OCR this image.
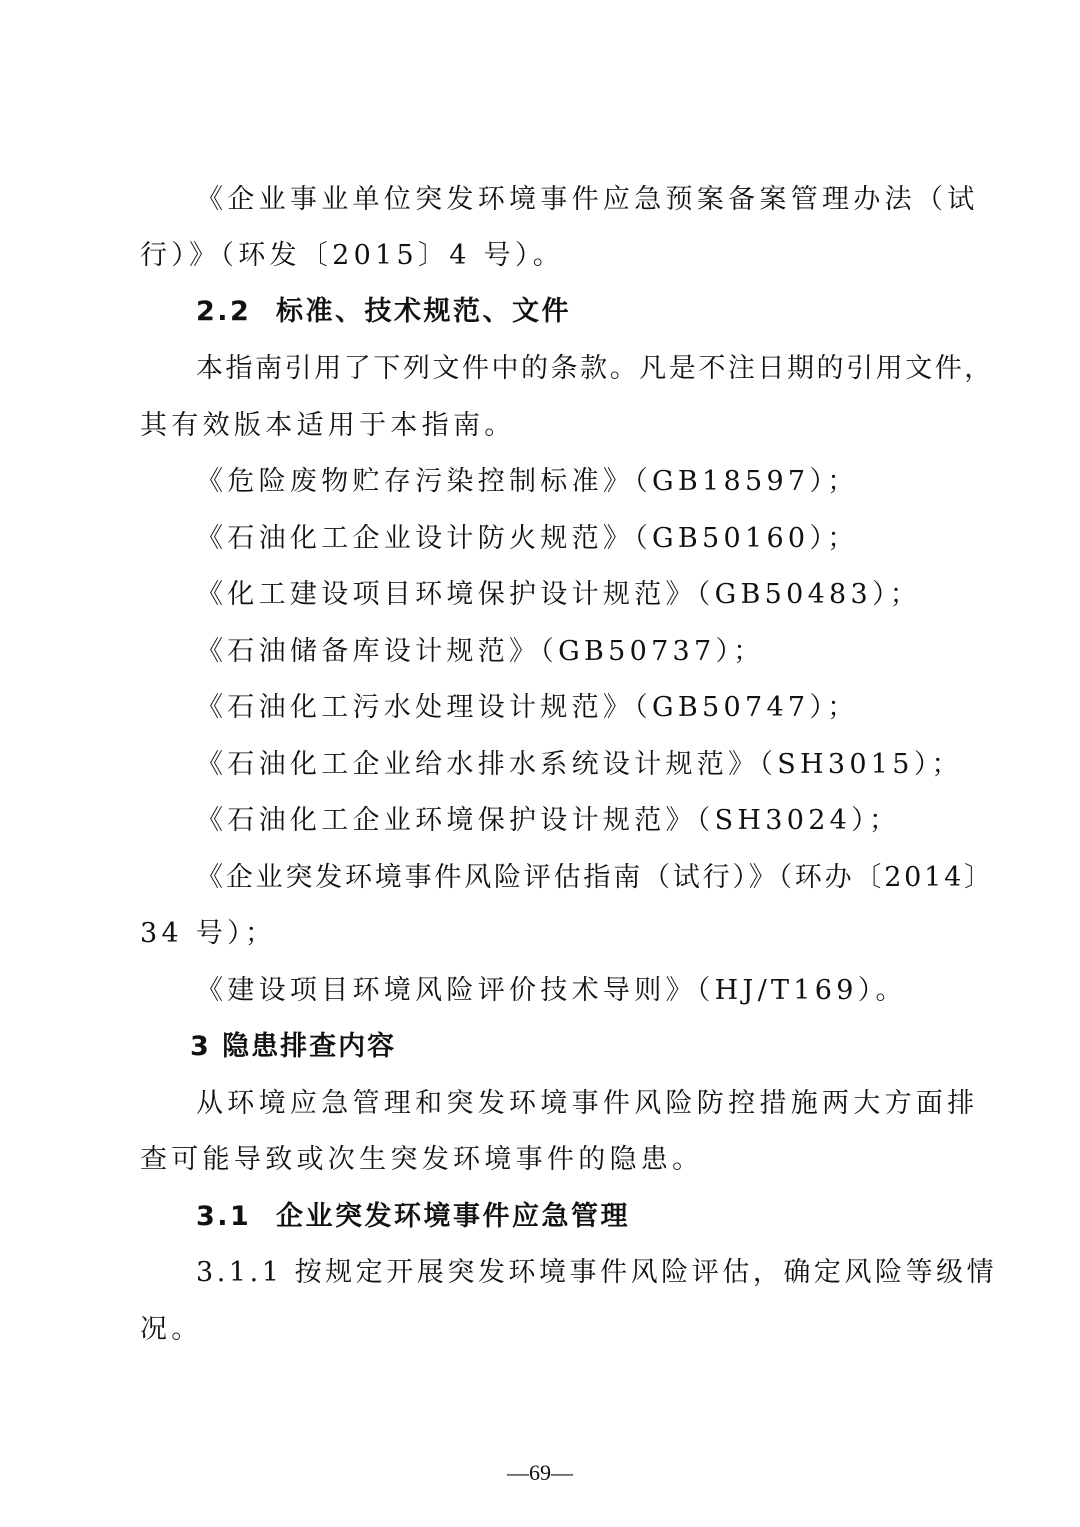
《企业事业单位突发环境事件应急预案备案管理办法（试

行）》（环发〔2015〕4 号）。

2.2 标准、技术规范、文件

本指南引用了下列文件中的条款。凡是不注日期的引用文件，

其有效版本适用于本指南。

《危险废物贮存污染控制标准》（GB18597）；

《石油化工企业设计防火规范》（GB50160）；

《化工建设项目环境保护设计规范》（GB50483）；

《石油储备库设计规范》（GB50737）；

《石油化工污水处理设计规范》（GB50747）；

《石油化工企业给水排水系统设计规范》（SH3015）；

《石油化工企业环境保护设计规范》（SH3024）；

《企业突发环境事件风险评估指南（试行）》（环办〔2014〕

34 号）；

《建设项目环境风险评价技术导则》（HJ/T169）。

3 隐患排查内容

从环境应急管理和突发环境事件风险防控措施两大方面排

查可能导致或次生突发环境事件的隐患。

3.1 企业突发环境事件应急管理

3.1.1 按规定开展突发环境事件风险评估，确定风险等级情

况。

—69—
